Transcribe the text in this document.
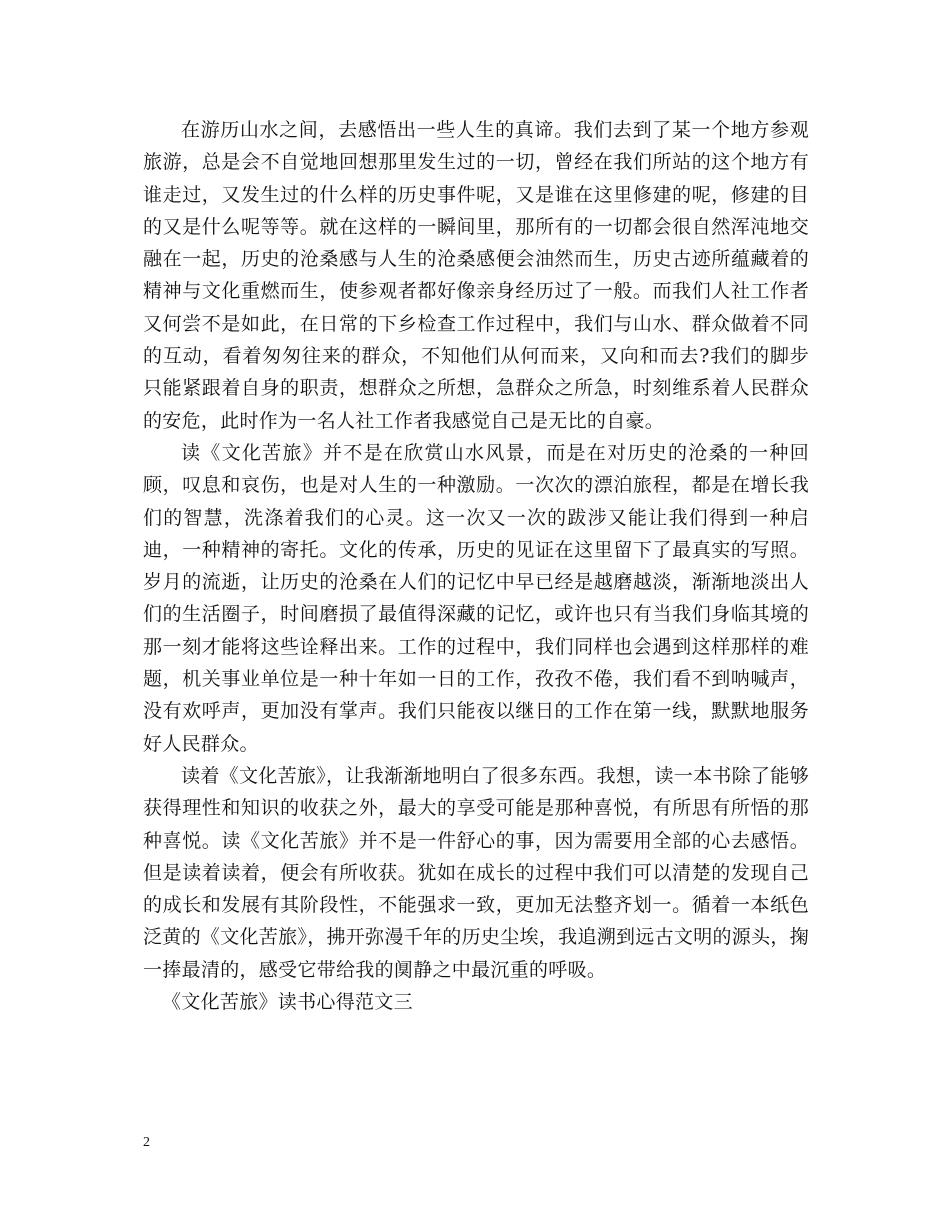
在游历山水之间，去感悟出一些人生的真谛。我们去到了某一个地方参观旅游，总是会不自觉地回想那里发生过的一切，曾经在我们所站的这个地方有谁走过，又发生过的什么样的历史事件呢，又是谁在这里修建的呢，修建的目的又是什么呢等等。就在这样的一瞬间里，那所有的一切都会很自然浑沌地交融在一起，历史的沧桑感与人生的沧桑感便会油然而生，历史古迹所蕴藏着的精神与文化重燃而生，使参观者都好像亲身经历过了一般。而我们人社工作者又何尝不是如此，在日常的下乡检查工作过程中，我们与山水、群众做着不同的互动，看着匆匆往来的群众，不知他们从何而来，又向和而去?我们的脚步只能紧跟着自身的职责，想群众之所想，急群众之所急，时刻维系着人民群众的安危，此时作为一名人社工作者我感觉自己是无比的自豪。

读《文化苦旅》并不是在欣赏山水风景，而是在对历史的沧桑的一种回顾，叹息和哀伤，也是对人生的一种激励。一次次的漂泊旅程，都是在增长我们的智慧，洗涤着我们的心灵。这一次又一次的跋涉又能让我们得到一种启迪，一种精神的寄托。文化的传承，历史的见证在这里留下了最真实的写照。岁月的流逝，让历史的沧桑在人们的记忆中早已经是越磨越淡，渐渐地淡出人们的生活圈子，时间磨损了最值得深藏的记忆，或许也只有当我们身临其境的那一刻才能将这些诠释出来。工作的过程中，我们同样也会遇到这样那样的难题，机关事业单位是一种十年如一日的工作，孜孜不倦，我们看不到呐喊声，没有欢呼声，更加没有掌声。我们只能夜以继日的工作在第一线，默默地服务好人民群众。

读着《文化苦旅》，让我渐渐地明白了很多东西。我想，读一本书除了能够获得理性和知识的收获之外，最大的享受可能是那种喜悦，有所思有所悟的那种喜悦。读《文化苦旅》并不是一件舒心的事，因为需要用全部的心去感悟。但是读着读着，便会有所收获。犹如在成长的过程中我们可以清楚的发现自己的成长和发展有其阶段性，不能强求一致，更加无法整齐划一。循着一本纸色泛黄的《文化苦旅》，拂开弥漫千年的历史尘埃，我追溯到远古文明的源头，掬一捧最清的，感受它带给我的阒静之中最沉重的呼吸。

《文化苦旅》读书心得范文三

2
